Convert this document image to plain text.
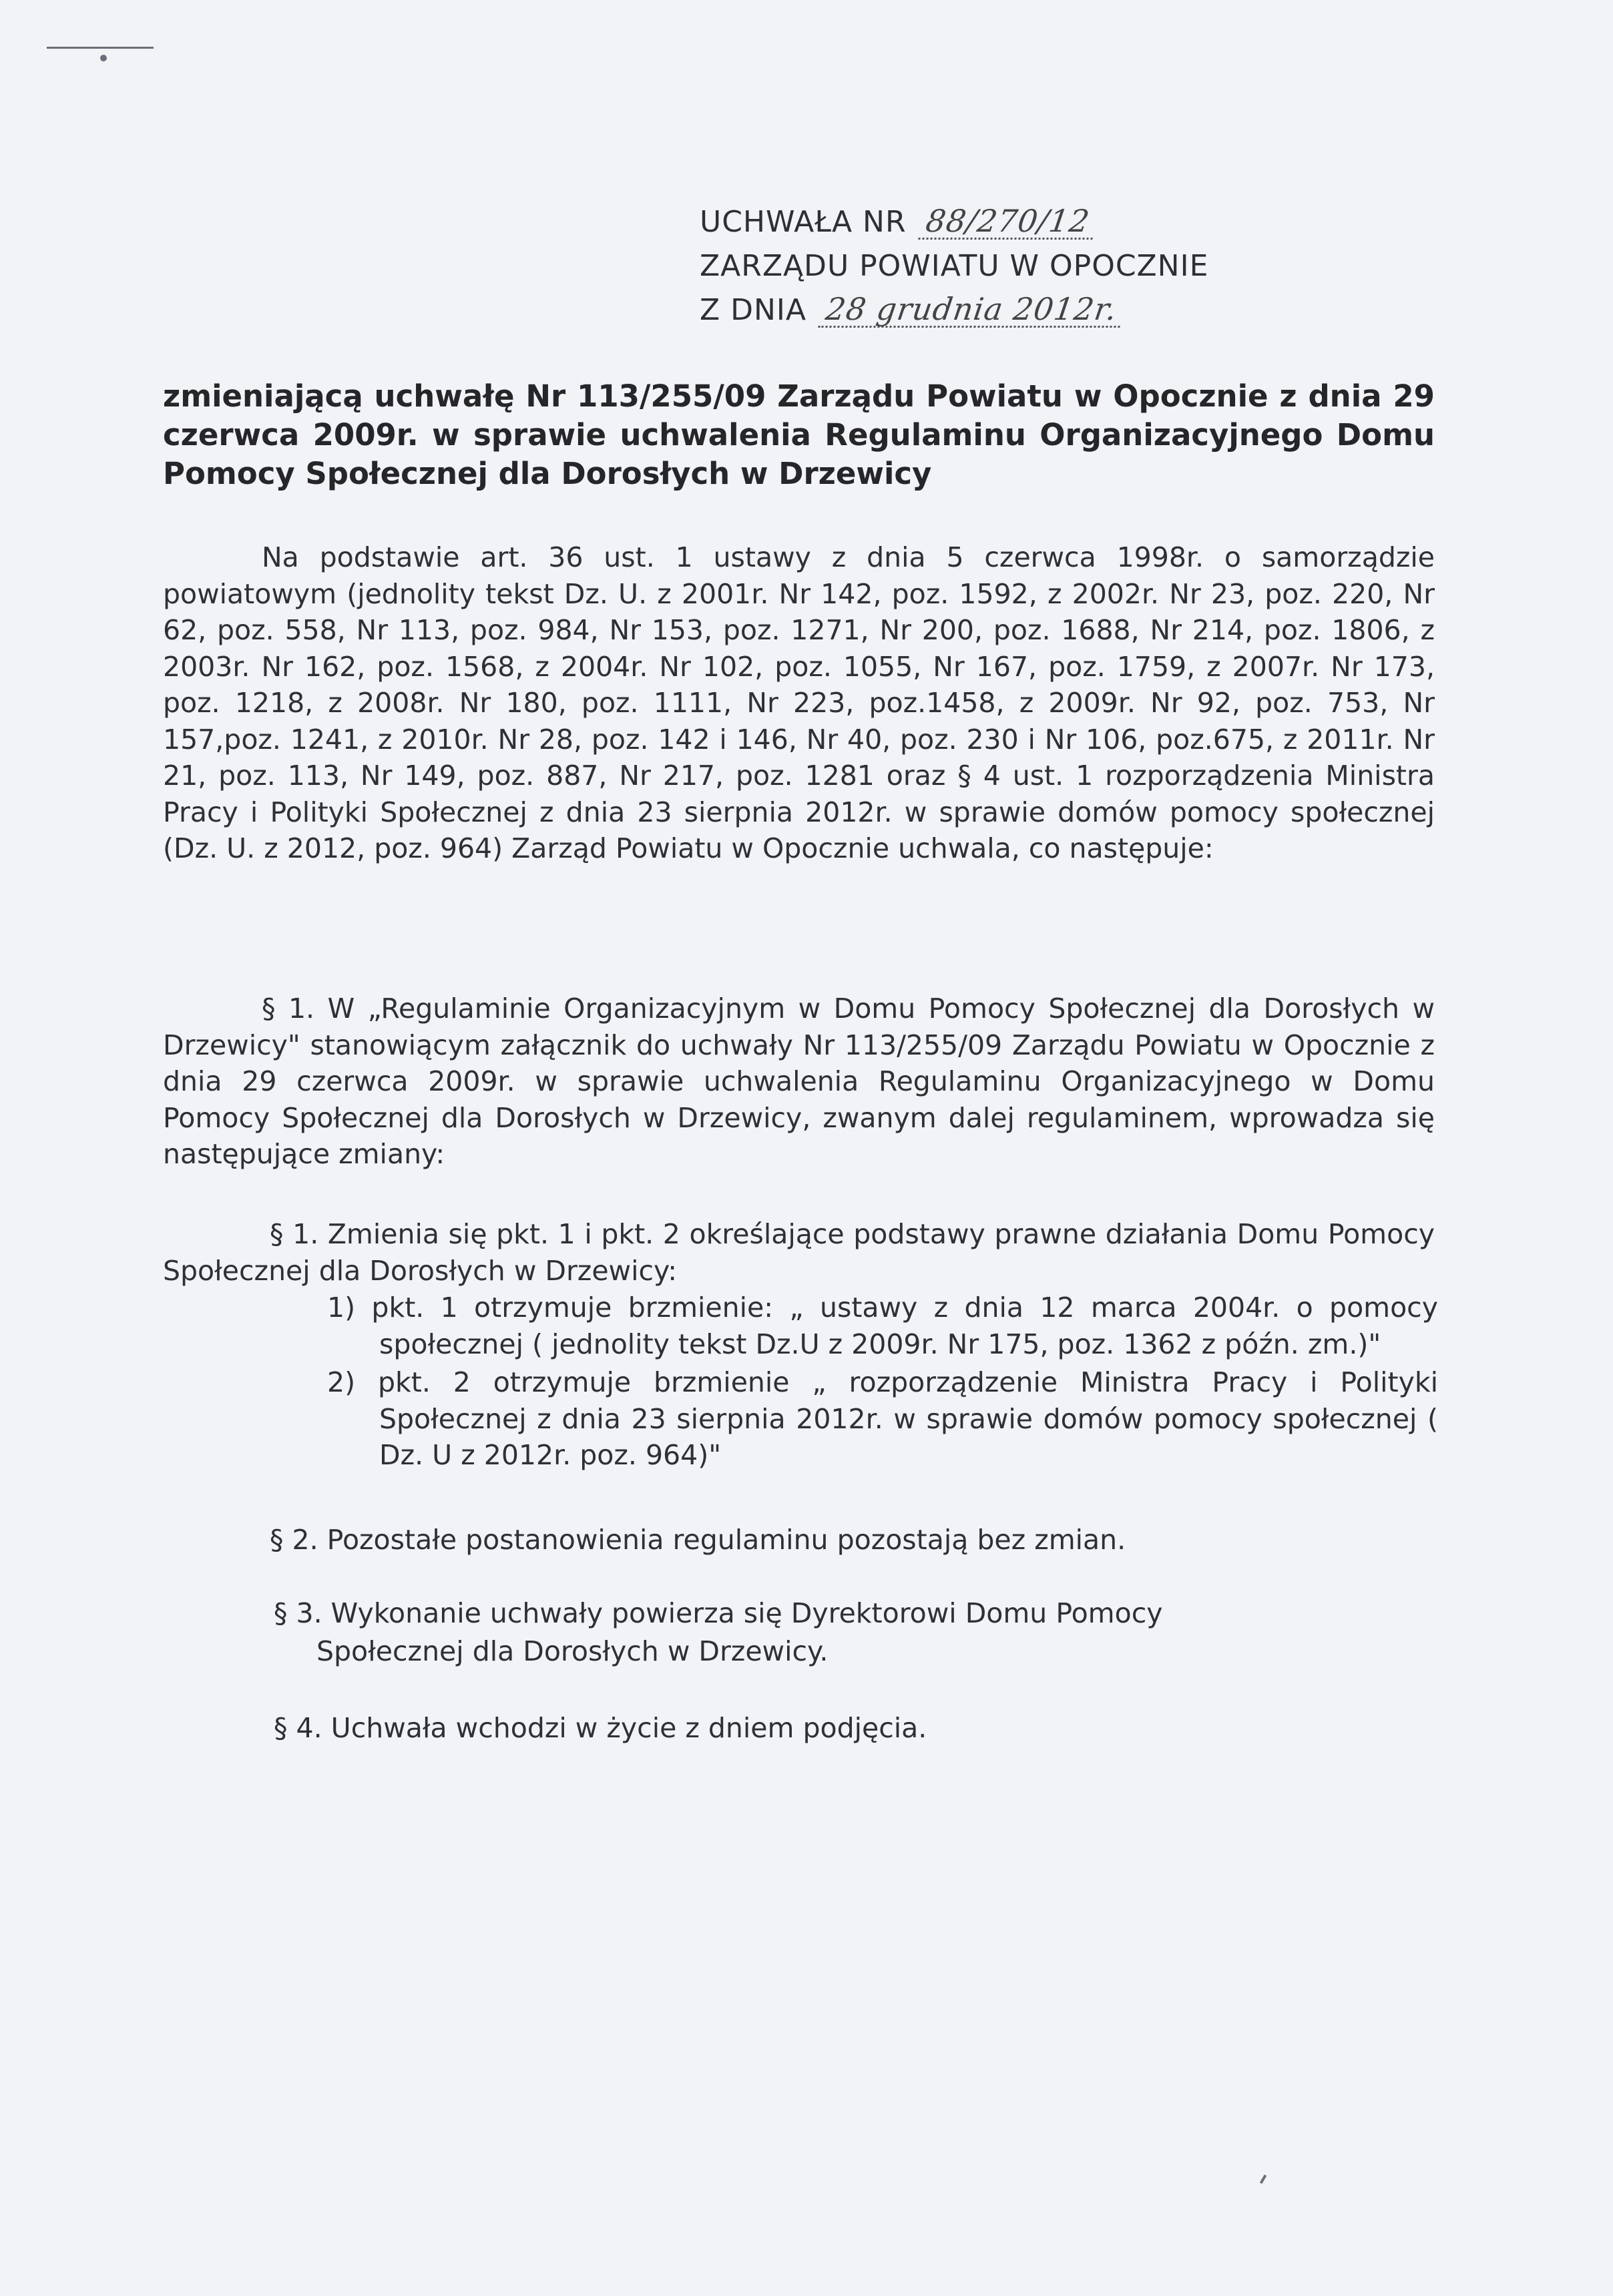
UCHWAŁA NR 88/270/12
ZARZĄDU POWIATU W OPOCZNIE
Z DNIA 28 grudnia 2012r.
zmieniającą uchwałę Nr 113/255/09 Zarządu Powiatu w Opocznie z dnia 29 czerwca 2009r. w sprawie uchwalenia Regulaminu Organizacyjnego Domu Pomocy Społecznej dla Dorosłych w Drzewicy
Na podstawie art. 36 ust. 1 ustawy z dnia 5 czerwca 1998r. o samorządzie powiatowym (jednolity tekst Dz. U. z 2001r. Nr 142, poz. 1592, z 2002r. Nr 23, poz. 220, Nr 62, poz. 558, Nr 113, poz. 984, Nr 153, poz. 1271, Nr 200, poz. 1688, Nr 214, poz. 1806, z 2003r. Nr 162, poz. 1568, z 2004r. Nr 102, poz. 1055, Nr 167, poz. 1759, z 2007r. Nr 173, poz. 1218, z 2008r. Nr 180, poz. 1111, Nr 223, poz.1458, z 2009r. Nr 92, poz. 753, Nr 157,poz. 1241, z 2010r. Nr 28, poz. 142 i 146, Nr 40, poz. 230 i Nr 106, poz.675, z 2011r. Nr 21, poz. 113, Nr 149, poz. 887, Nr 217, poz. 1281 oraz § 4 ust. 1 rozporządzenia Ministra Pracy i Polityki Społecznej z dnia 23 sierpnia 2012r. w sprawie domów pomocy społecznej (Dz. U. z 2012, poz. 964) Zarząd Powiatu w Opocznie uchwala, co następuje:
§ 1. W „Regulaminie Organizacyjnym w Domu Pomocy Społecznej dla Dorosłych w Drzewicy" stanowiącym załącznik do uchwały Nr 113/255/09 Zarządu Powiatu w Opocznie z dnia 29 czerwca 2009r. w sprawie uchwalenia Regulaminu Organizacyjnego w Domu Pomocy Społecznej dla Dorosłych w Drzewicy, zwanym dalej regulaminem, wprowadza się następujące zmiany:
§ 1. Zmienia się pkt. 1 i pkt. 2 określające podstawy prawne działania Domu Pomocy Społecznej dla Dorosłych w Drzewicy:
1) pkt. 1 otrzymuje brzmienie: „ ustawy z dnia 12 marca 2004r. o pomocy społecznej ( jednolity tekst Dz.U z 2009r. Nr 175, poz. 1362 z późn. zm.)"
2) pkt. 2 otrzymuje brzmienie „ rozporządzenie Ministra Pracy i Polityki Społecznej z dnia 23 sierpnia 2012r. w sprawie domów pomocy społecznej ( Dz. U z 2012r. poz. 964)"
§ 2. Pozostałe postanowienia regulaminu pozostają bez zmian.
§ 3. Wykonanie uchwały powierza się Dyrektorowi Domu Pomocy
Społecznej dla Dorosłych w Drzewicy.
§ 4. Uchwała wchodzi w życie z dniem podjęcia.
